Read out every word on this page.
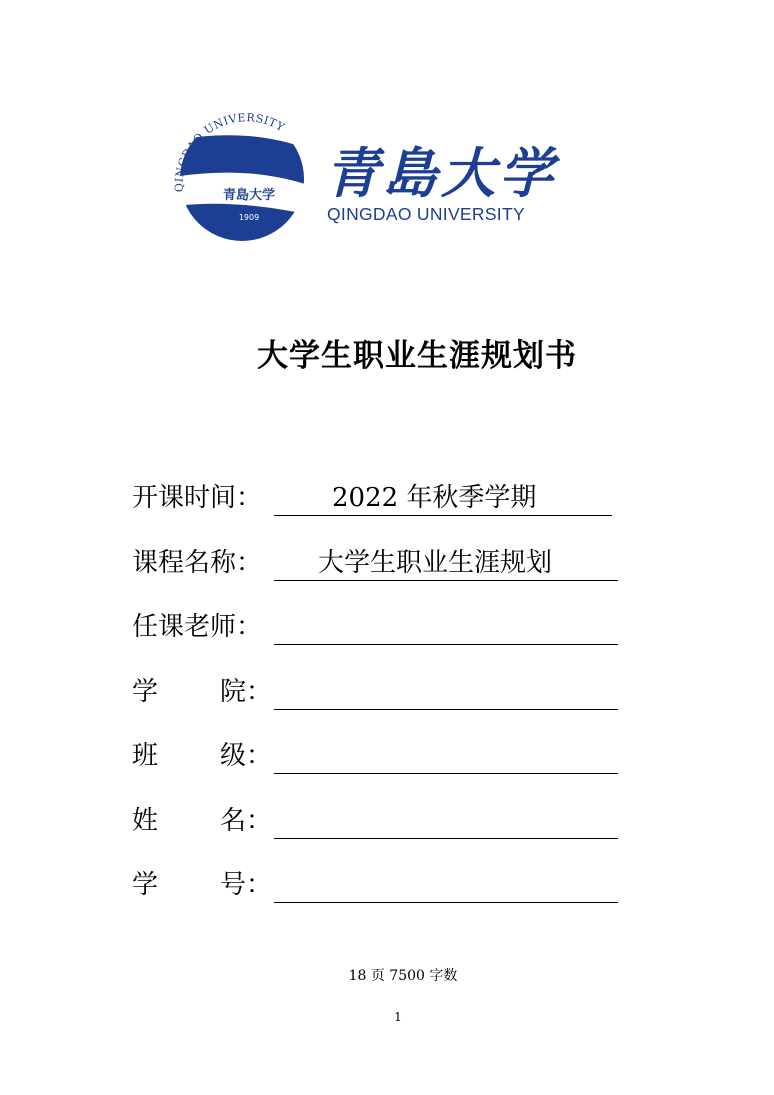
QINGDAO UNIVERSITY
青島大学
1909
青島大学
QINGDAO UNIVERSITY
大学生职业生涯规划书
开课时间：	2022 年秋季学期
课程名称： 大学生职业生涯规划
任课老师：
学 院：
班 级：
姓 名：
学 号：
18 页 7500 字数
1
